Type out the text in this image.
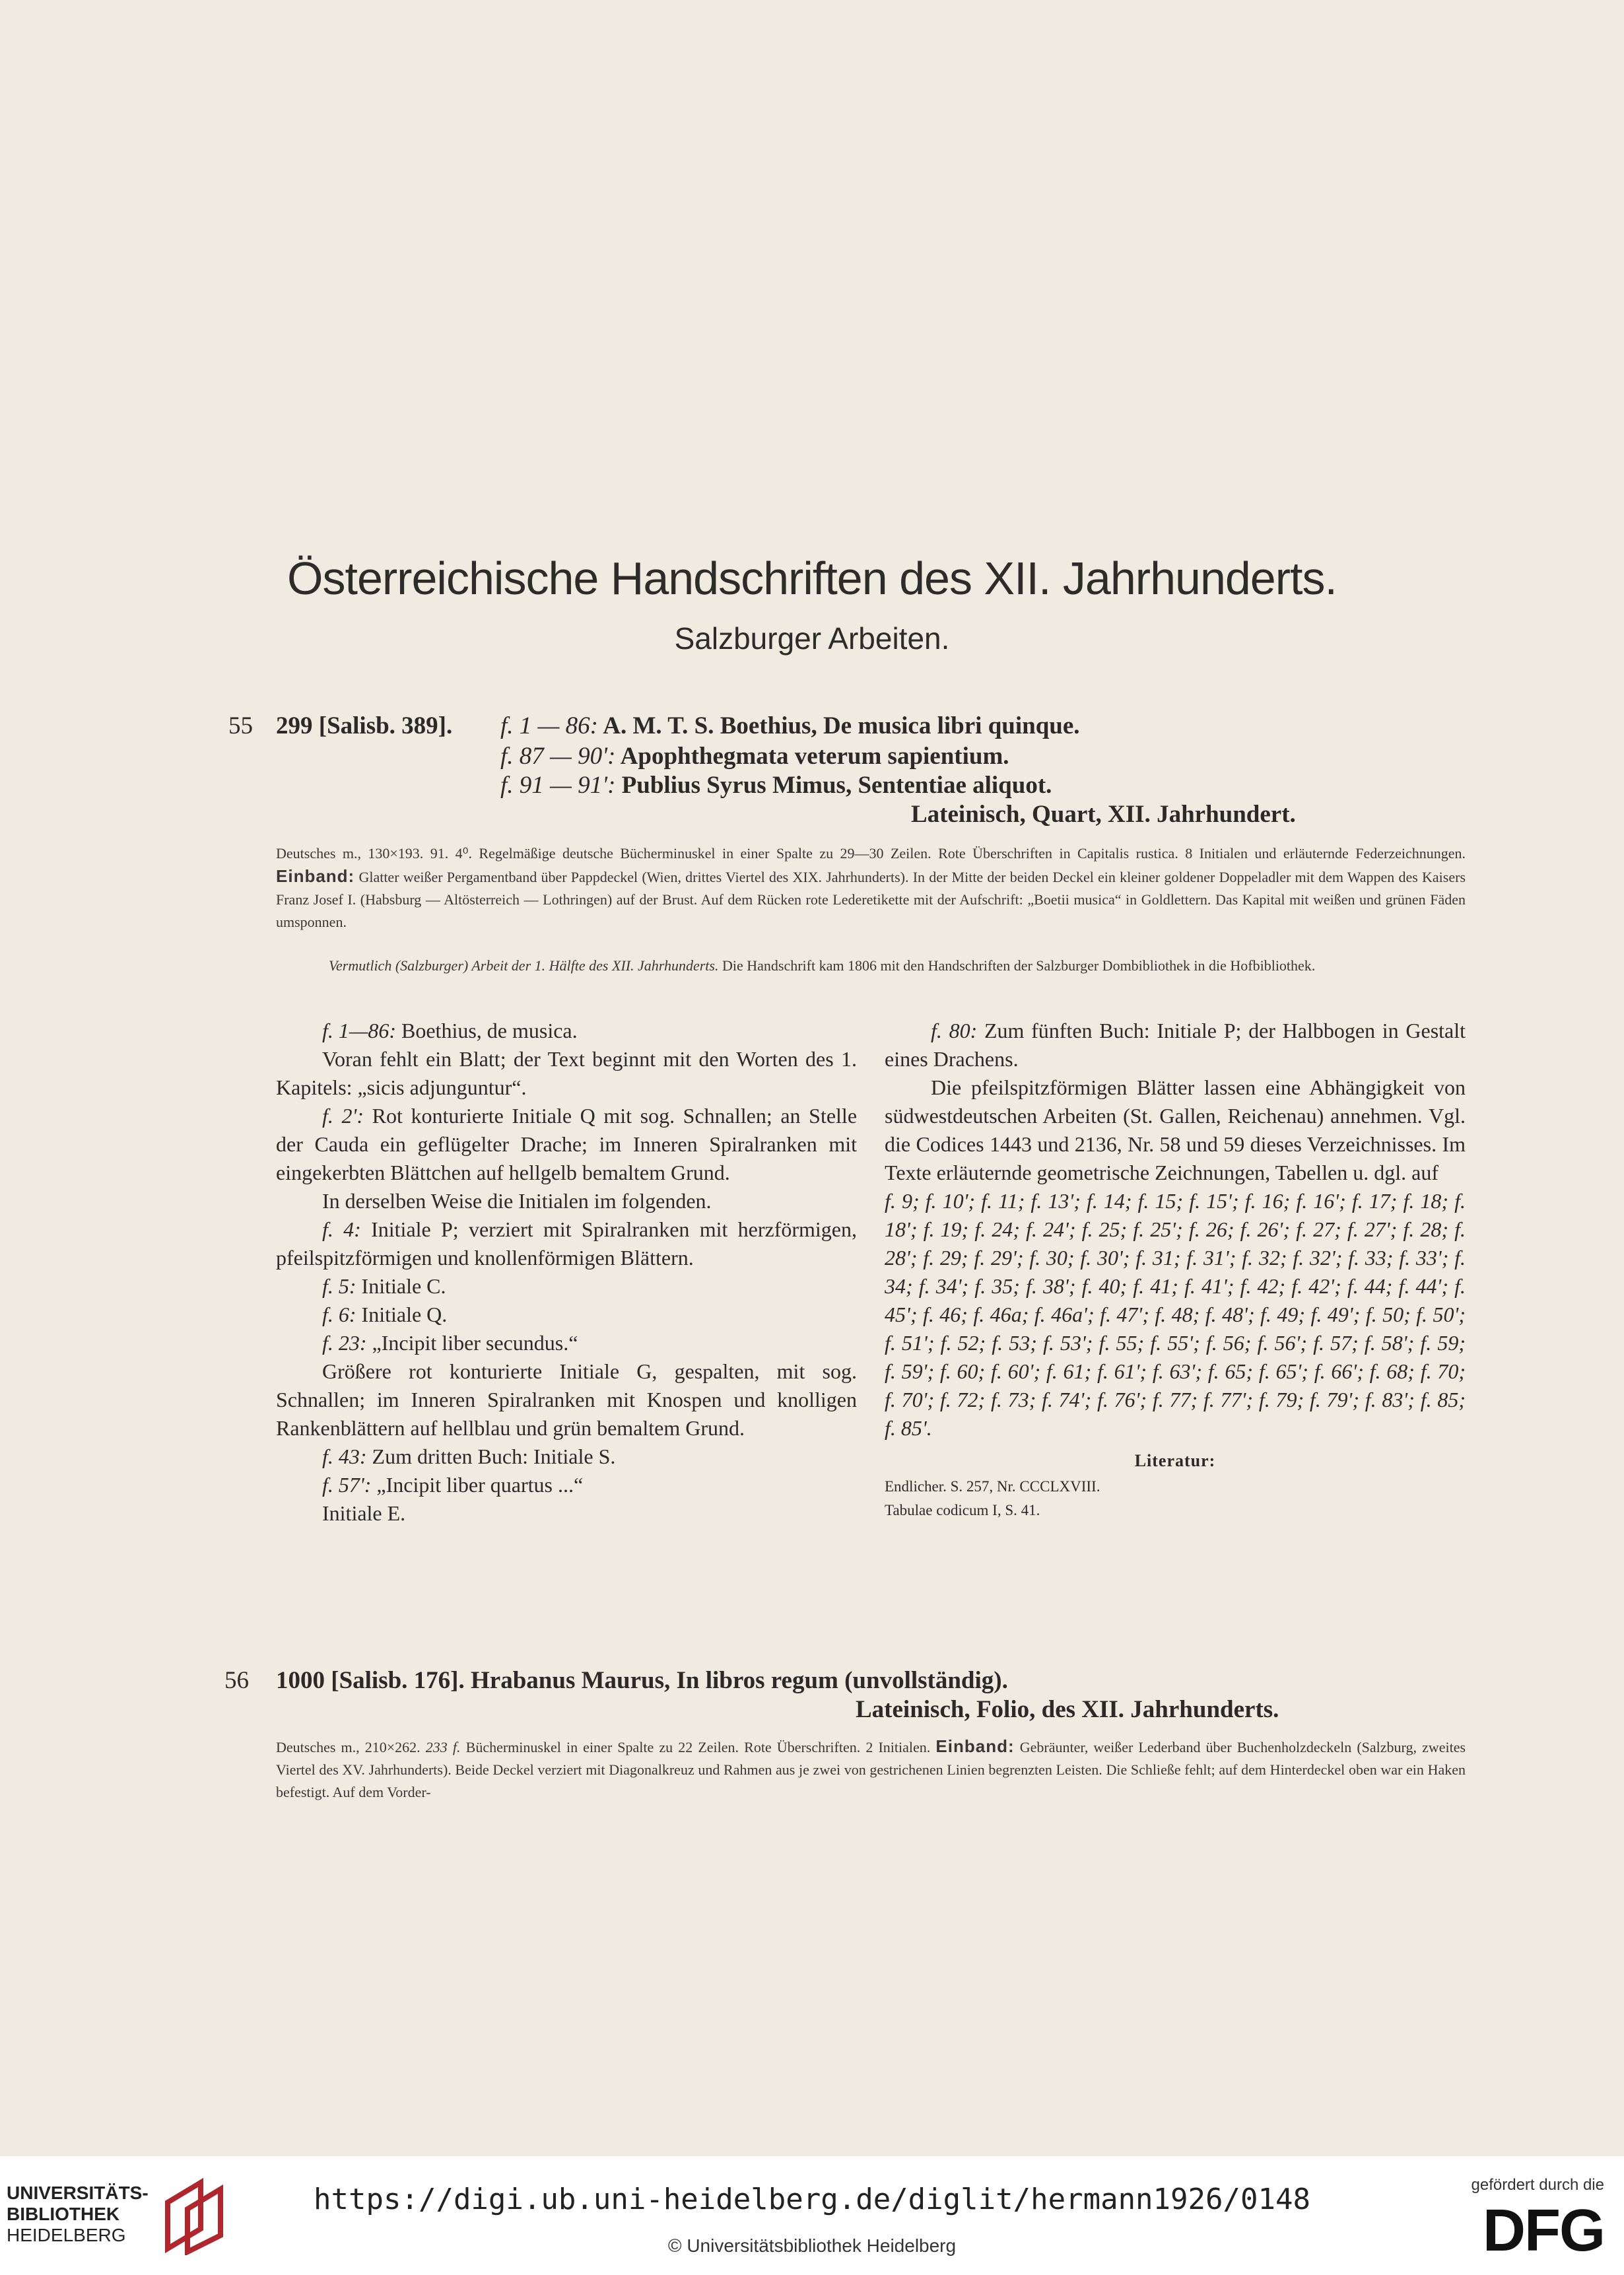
Österreichische Handschriften des XII. Jahrhunderts.
Salzburger Arbeiten.
55 299 [Salisb. 389]. f. 1 — 86: A. M. T. S. Boethius, De musica libri quinque.
f. 87 — 90': Apophthegmata veterum sapientium.
f. 91 — 91': Publius Syrus Mimus, Sententiae aliquot.
Lateinisch, Quart, XII. Jahrhundert.
Deutsches m., 130×193. 91. 4⁰. Regelmäßige deutsche Bücherminuskel in einer Spalte zu 29—30 Zeilen. Rote Überschriften in Capitalis rustica. 8 Initialen und erläuternde Federzeichnungen. Einband: Glatter weißer Pergamentband über Pappdeckel (Wien, drittes Viertel des XIX. Jahrhunderts). In der Mitte der beiden Deckel ein kleiner goldener Doppeladler mit dem Wappen des Kaisers Franz Josef I. (Habsburg — Altösterreich — Lothringen) auf der Brust. Auf dem Rücken rote Lederetikette mit der Aufschrift: „Boetii musica“ in Goldlettern. Das Kapital mit weißen und grünen Fäden umsponnen.
Vermutlich (Salzburger) Arbeit der 1. Hälfte des XII. Jahrhunderts. Die Handschrift kam 1806 mit den Handschriften der Salzburger Dombibliothek in die Hofbibliothek.

f. 1—86: Boethius, de musica.

Voran fehlt ein Blatt; der Text beginnt mit den Worten des 1. Kapitels: „sicis adjunguntur“.

f. 2': Rot konturierte Initiale Q mit sog. Schnallen; an Stelle der Cauda ein geflügelter Drache; im Inneren Spiralranken mit eingekerbten Blättchen auf hellgelb bemaltem Grund.

In derselben Weise die Initialen im folgenden.

f. 4: Initiale P; verziert mit Spiralranken mit herzförmigen, pfeilspitzförmigen und knollenförmigen Blättern.

f. 5: Initiale C.

f. 6: Initiale Q.

f. 23: „Incipit liber secundus.“

Größere rot konturierte Initiale G, gespalten, mit sog. Schnallen; im Inneren Spiralranken mit Knospen und knolligen Rankenblättern auf hellblau und grün bemaltem Grund.

f. 43: Zum dritten Buch: Initiale S.

f. 57': „Incipit liber quartus ...“

Initiale E.

f. 80: Zum fünften Buch: Initiale P; der Halbbogen in Gestalt eines Drachens.

Die pfeilspitzförmigen Blätter lassen eine Abhängigkeit von südwestdeutschen Arbeiten (St. Gallen, Reichenau) annehmen. Vgl. die Codices 1443 und 2136, Nr. 58 und 59 dieses Verzeichnisses. Im Texte erläuternde geometrische Zeichnungen, Tabellen u. dgl. auf

f. 9; f. 10'; f. 11; f. 13'; f. 14; f. 15; f. 15'; f. 16; f. 16'; f. 17; f. 18; f. 18'; f. 19; f. 24; f. 24'; f. 25; f. 25'; f. 26; f. 26'; f. 27; f. 27'; f. 28; f. 28'; f. 29; f. 29'; f. 30; f. 30'; f. 31; f. 31'; f. 32; f. 32'; f. 33; f. 33'; f. 34; f. 34'; f. 35; f. 38'; f. 40; f. 41; f. 41'; f. 42; f. 42'; f. 44; f. 44'; f. 45'; f. 46; f. 46a; f. 46a'; f. 47'; f. 48; f. 48'; f. 49; f. 49'; f. 50; f. 50'; f. 51'; f. 52; f. 53; f. 53'; f. 55; f. 55'; f. 56; f. 56'; f. 57; f. 58'; f. 59; f. 59'; f. 60; f. 60'; f. 61; f. 61'; f. 63'; f. 65; f. 65'; f. 66'; f. 68; f. 70; f. 70'; f. 72; f. 73; f. 74'; f. 76'; f. 77; f. 77'; f. 79; f. 79'; f. 83'; f. 85; f. 85'.

Literatur:
Endlicher. S. 257, Nr. CCCLXVIII.
Tabulae codicum I, S. 41.
56 1000 [Salisb. 176]. Hrabanus Maurus, In libros regum (unvollständig).
Lateinisch, Folio, des XII. Jahrhunderts.
Deutsches m., 210×262. 233 f. Bücherminuskel in einer Spalte zu 22 Zeilen. Rote Überschriften. 2 Initialen. Einband: Gebräunter, weißer Lederband über Buchenholzdeckeln (Salzburg, zweites Viertel des XV. Jahrhunderts). Beide Deckel verziert mit Diagonalkreuz und Rahmen aus je zwei von gestrichenen Linien begrenzten Leisten. Die Schließe fehlt; auf dem Hinterdeckel oben war ein Haken befestigt. Auf dem Vorder-
UNIVERSITÄTS-
BIBLIOTHEK
HEIDELBERG
https://digi.ub.uni-heidelberg.de/diglit/hermann1926/0148
© Universitätsbibliothek Heidelberg
gefördert durch die
DFG
